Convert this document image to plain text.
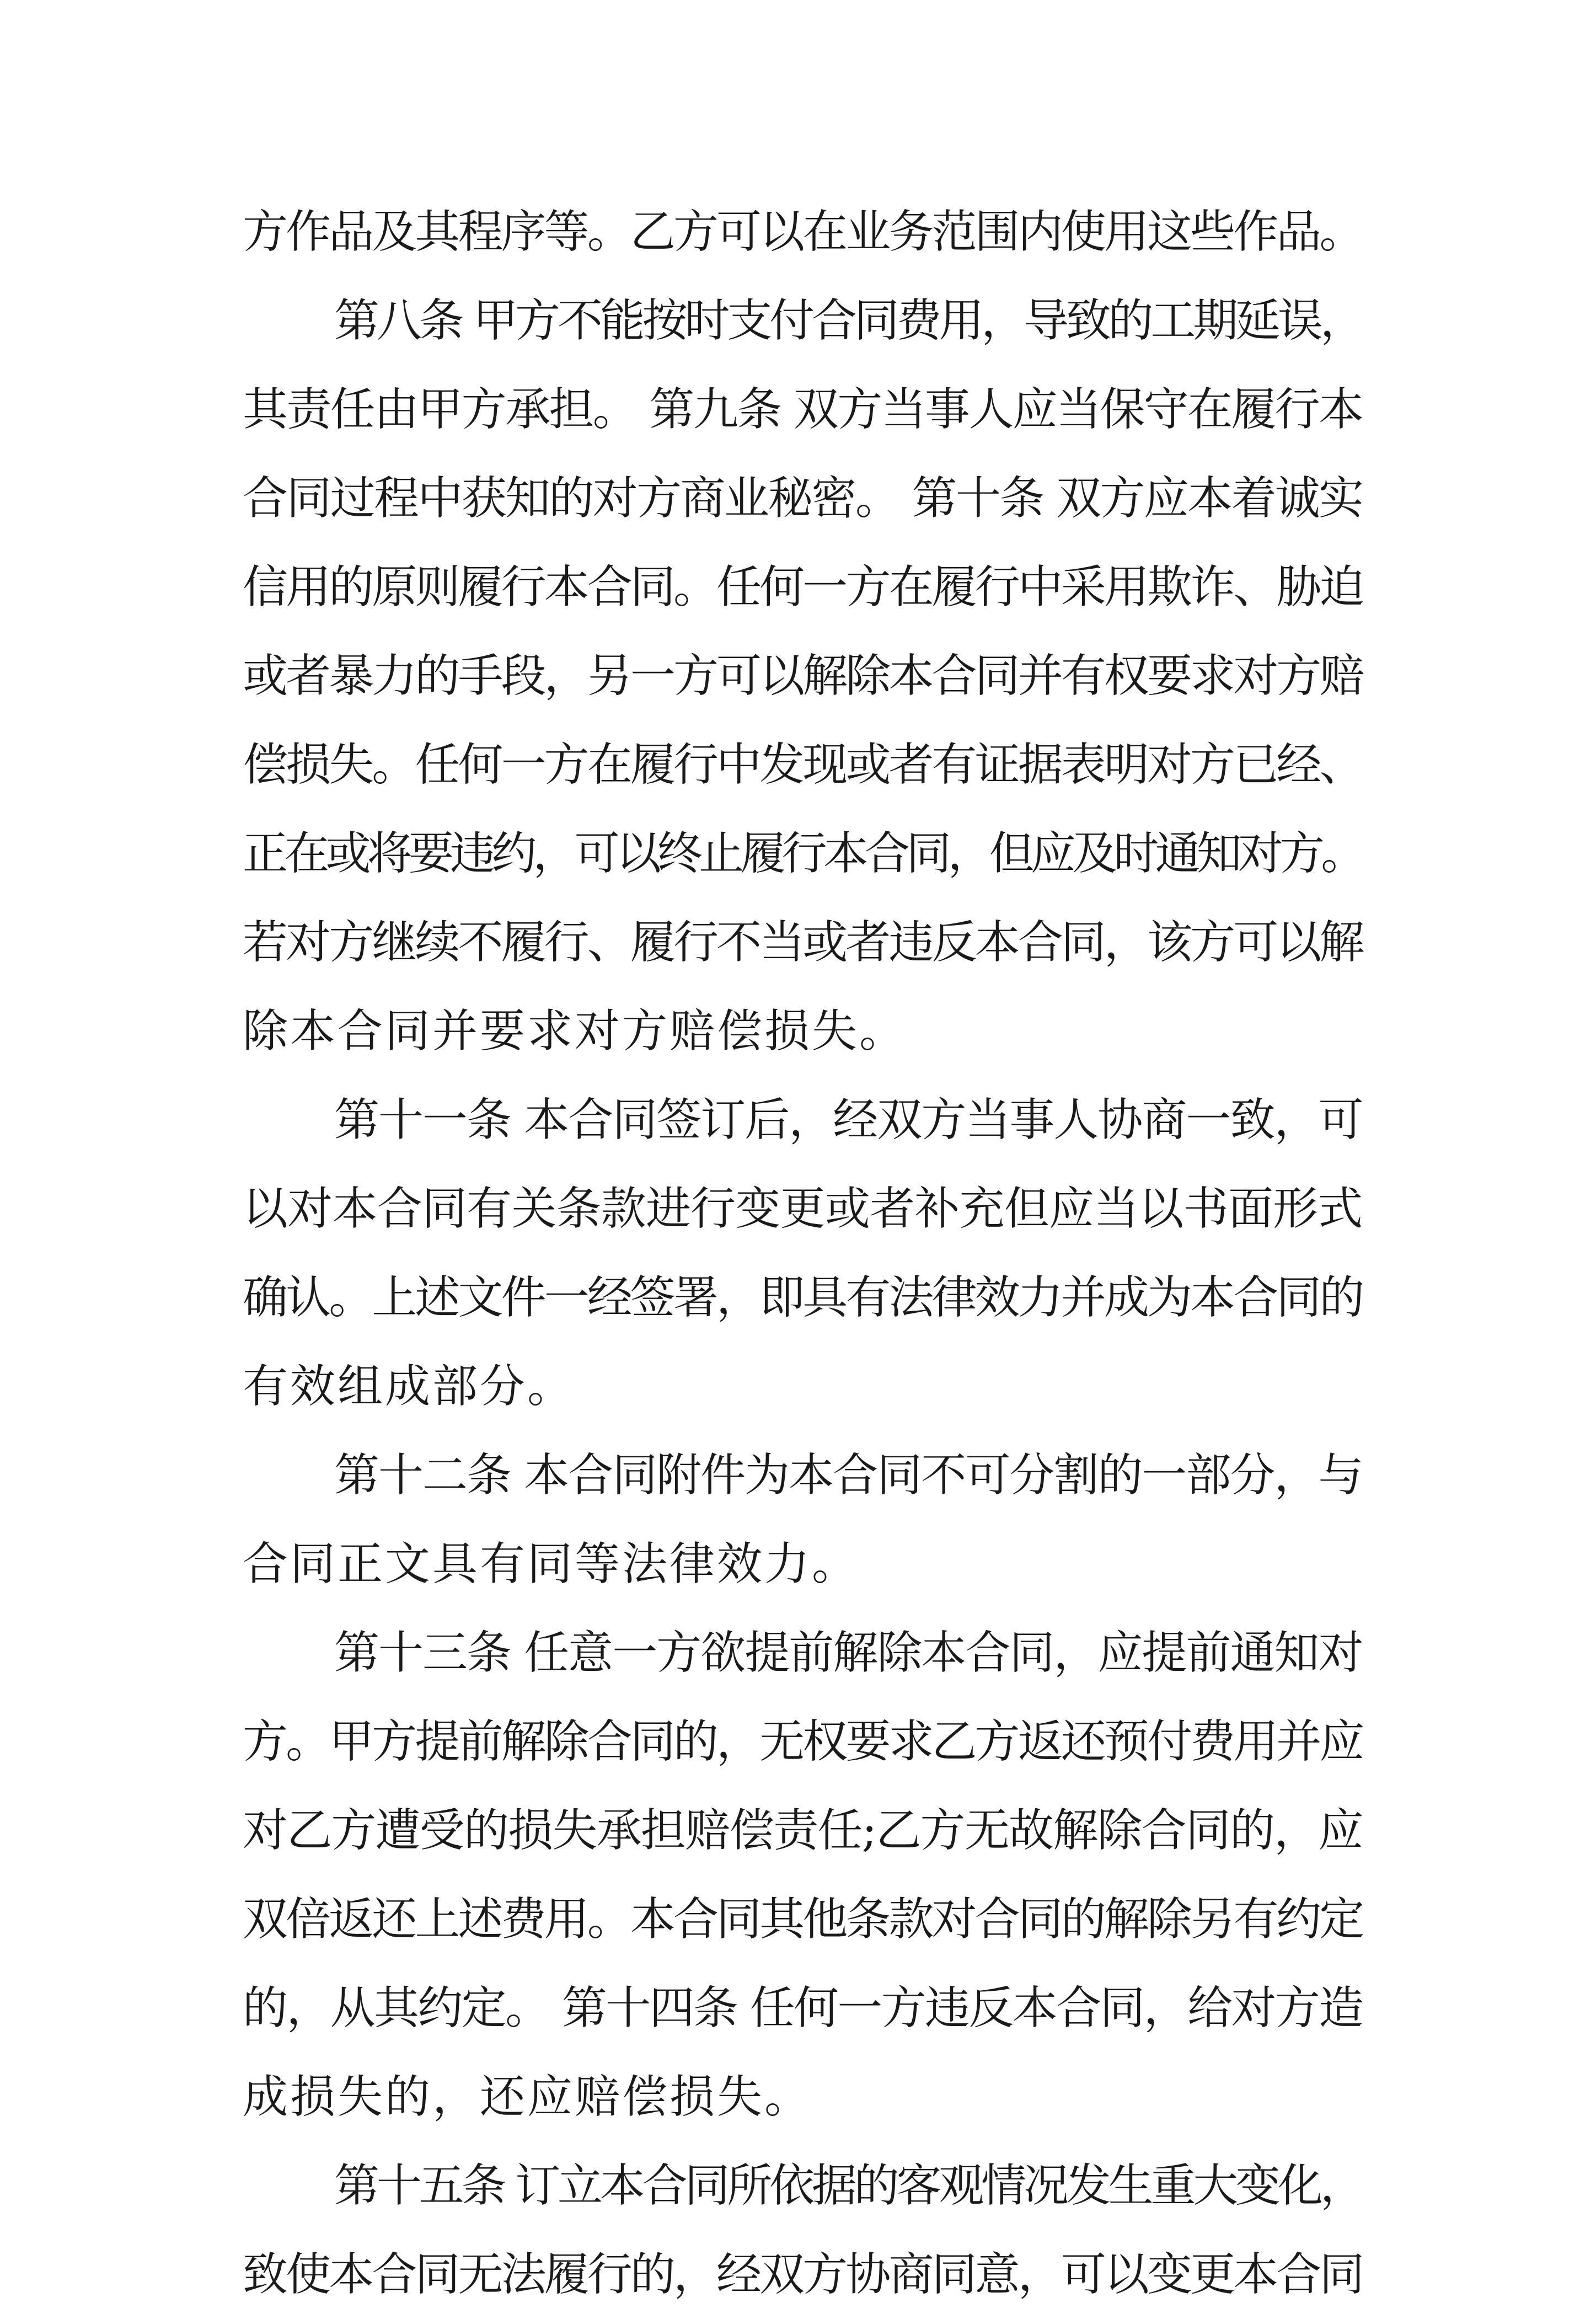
方作品及其程序等。乙方可以在业务范围内使用这些作品。
第八条 甲方不能按时支付合同费用，导致的工期延误，
其责任由甲方承担。 第九条 双方当事人应当保守在履行本
合同过程中获知的对方商业秘密。 第十条 双方应本着诚实
信用的原则履行本合同。任何一方在履行中采用欺诈、胁迫
或者暴力的手段，另一方可以解除本合同并有权要求对方赔
偿损失。任何一方在履行中发现或者有证据表明对方已经、
正在或将要违约，可以终止履行本合同，但应及时通知对方。
若对方继续不履行、履行不当或者违反本合同，该方可以解
除本合同并要求对方赔偿损失。
第十一条 本合同签订后，经双方当事人协商一致，可
以对本合同有关条款进行变更或者补充但应当以书面形式
确认。上述文件一经签署，即具有法律效力并成为本合同的
有效组成部分。
第十二条 本合同附件为本合同不可分割的一部分，与
合同正文具有同等法律效力。
第十三条 任意一方欲提前解除本合同，应提前通知对
方。甲方提前解除合同的，无权要求乙方返还预付费用并应
对乙方遭受的损失承担赔偿责任;乙方无故解除合同的，应
双倍返还上述费用。本合同其他条款对合同的解除另有约定
的，从其约定。 第十四条 任何一方违反本合同，给对方造
成损失的，还应赔偿损失。
第十五条 订立本合同所依据的客观情况发生重大变化，
致使本合同无法履行的，经双方协商同意，可以变更本合同
